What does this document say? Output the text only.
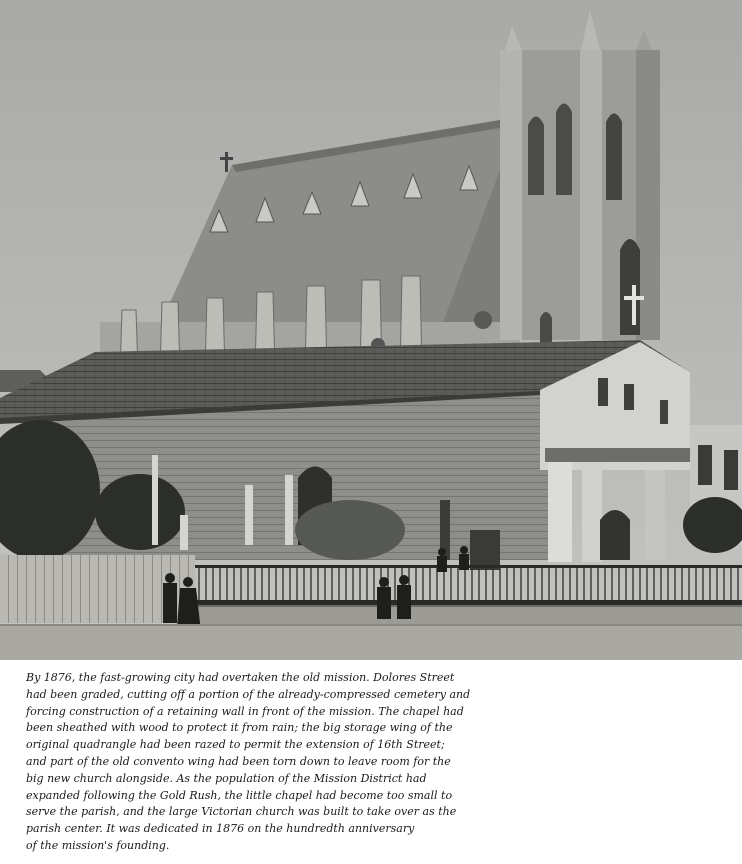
By 1876, the fast-growing city had overtaken the old mission. Dolores Street
had been graded, cutting off a portion of the already-compressed cemetery and
forcing construction of a retaining wall in front of the mission. The chapel had
been sheathed with wood to protect it from rain; the big storage wing of the
original quadrangle had been razed to permit the extension of 16th Street;
and part of the old convento wing had been torn down to leave room for the
big new church alongside. As the population of the Mission District had
expanded following the Gold Rush, the little chapel had become too small to
serve the parish, and the large Victorian church was built to take over as the
parish center. It was dedicated in 1876 on the hundredth anniversary
of the mission's founding.
